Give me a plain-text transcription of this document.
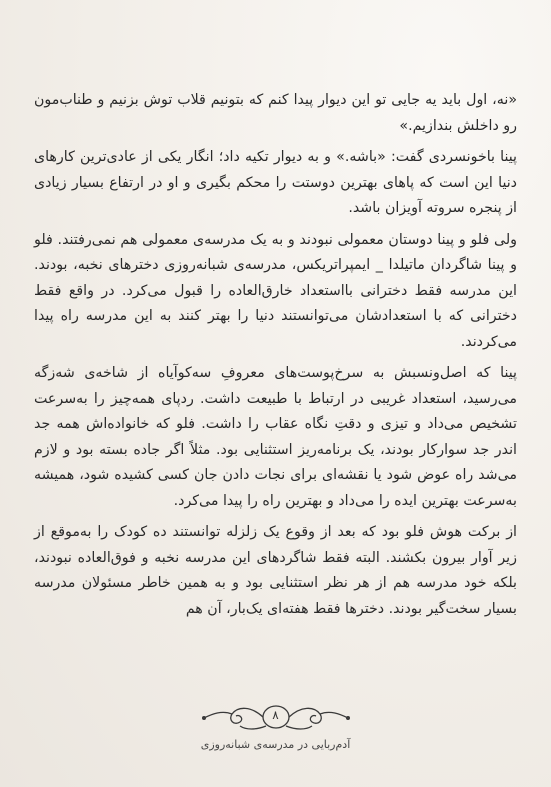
«نه، اول باید یه جایی تو این دیوار پیدا کنم که بتونیم قلاب توش بزنیم و طناب‌مون رو داخلش بندازیم.»

پینا باخونسردی گفت: «باشه.» و به دیوار تکیه داد؛ انگار یکی از عادی‌ترین کارهای دنیا این است که پاهای بهترین دوستت را محکم بگیری و او در ارتفاع بسیار زیادی از پنجره سروته آویزان باشد.

ولی فلو و پینا دوستان معمولی نبودند و به یک مدرسه‌ی معمولی هم نمی‌رفتند. فلو و پینا شاگردان ماتیلدا _ ایمپراتریکس، مدرسه‌ی شبانه‌روزی دخترهای نخبه، بودند. این مدرسه فقط دخترانی بااستعداد خارق‌العاده را قبول می‌کرد. در واقع فقط دخترانی که با استعدادشان می‌توانستند دنیا را بهتر کنند به این مدرسه راه پیدا می‌کردند.

پینا که اصل‌ونسبش به سرخ‌پوست‌های معروفِ سه‌کوآیاه از شاخه‌ی شه‌زگه می‌رسید، استعداد غریبی در ارتباط با طبیعت داشت. ردپای همه‌چیز را به‌سرعت تشخیص می‌داد و تیزی و دقتِ نگاه عقاب را داشت. فلو که خانواده‌اش همه جد اندر جد سوارکار بودند، یک برنامه‌ریز استثنایی بود. مثلاً اگر جاده بسته بود و لازم می‌شد راه عوض شود یا نقشه‌ای برای نجات دادن جان کسی کشیده شود، همیشه به‌سرعت بهترین ایده را می‌داد و بهترین راه را پیدا می‌کرد.

از برکت هوش فلو بود که بعد از وقوع یک زلزله توانستند ده کودک را به‌موقع از زیر آوار بیرون بکشند. البته فقط شاگردهای این مدرسه نخبه و فوق‌العاده نبودند، بلکه خود مدرسه هم از هر نظر استثنایی بود و به همین خاطر مسئولان مدرسه بسیار سخت‌گیر بودند. دخترها فقط هفته‌ای یک‌بار، آن هم

۸
آدم‌ربایی در مدرسه‌ی شبانه‌روزی
